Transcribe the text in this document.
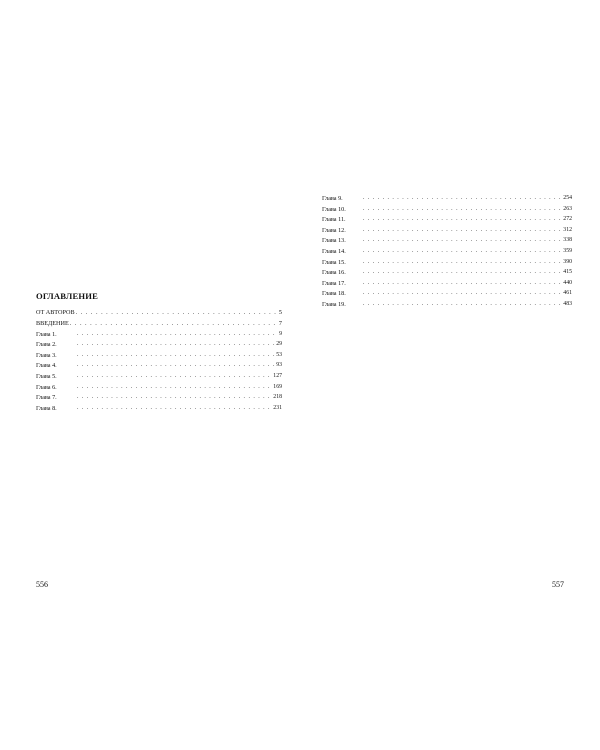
ОГЛАВЛЕНИЕ
ОТ АВТОРОВ . . .	5
ВВЕДЕНИЕ . . .	7
Глава 1. . . .	9
Глава 2. . . .	29
Глава 3. . . .	53
Глава 4. . . .	93
Глава 5. . . .	127
Глава 6. . . .	169
Глава 7. . . .	218
Глава 8. . . .	231
556
Глава 9. . . .	254
Глава 10. . . .	263
Глава 11. . . .	272
Глава 12. . . .	312
Глава 13. . . .	338
Глава 14. . . .	359
Глава 15. . . .	390
Глава 16. . . .	415
Глава 17. . . .	440
Глава 18. . . .	461
Глава 19. . . .	483
557
